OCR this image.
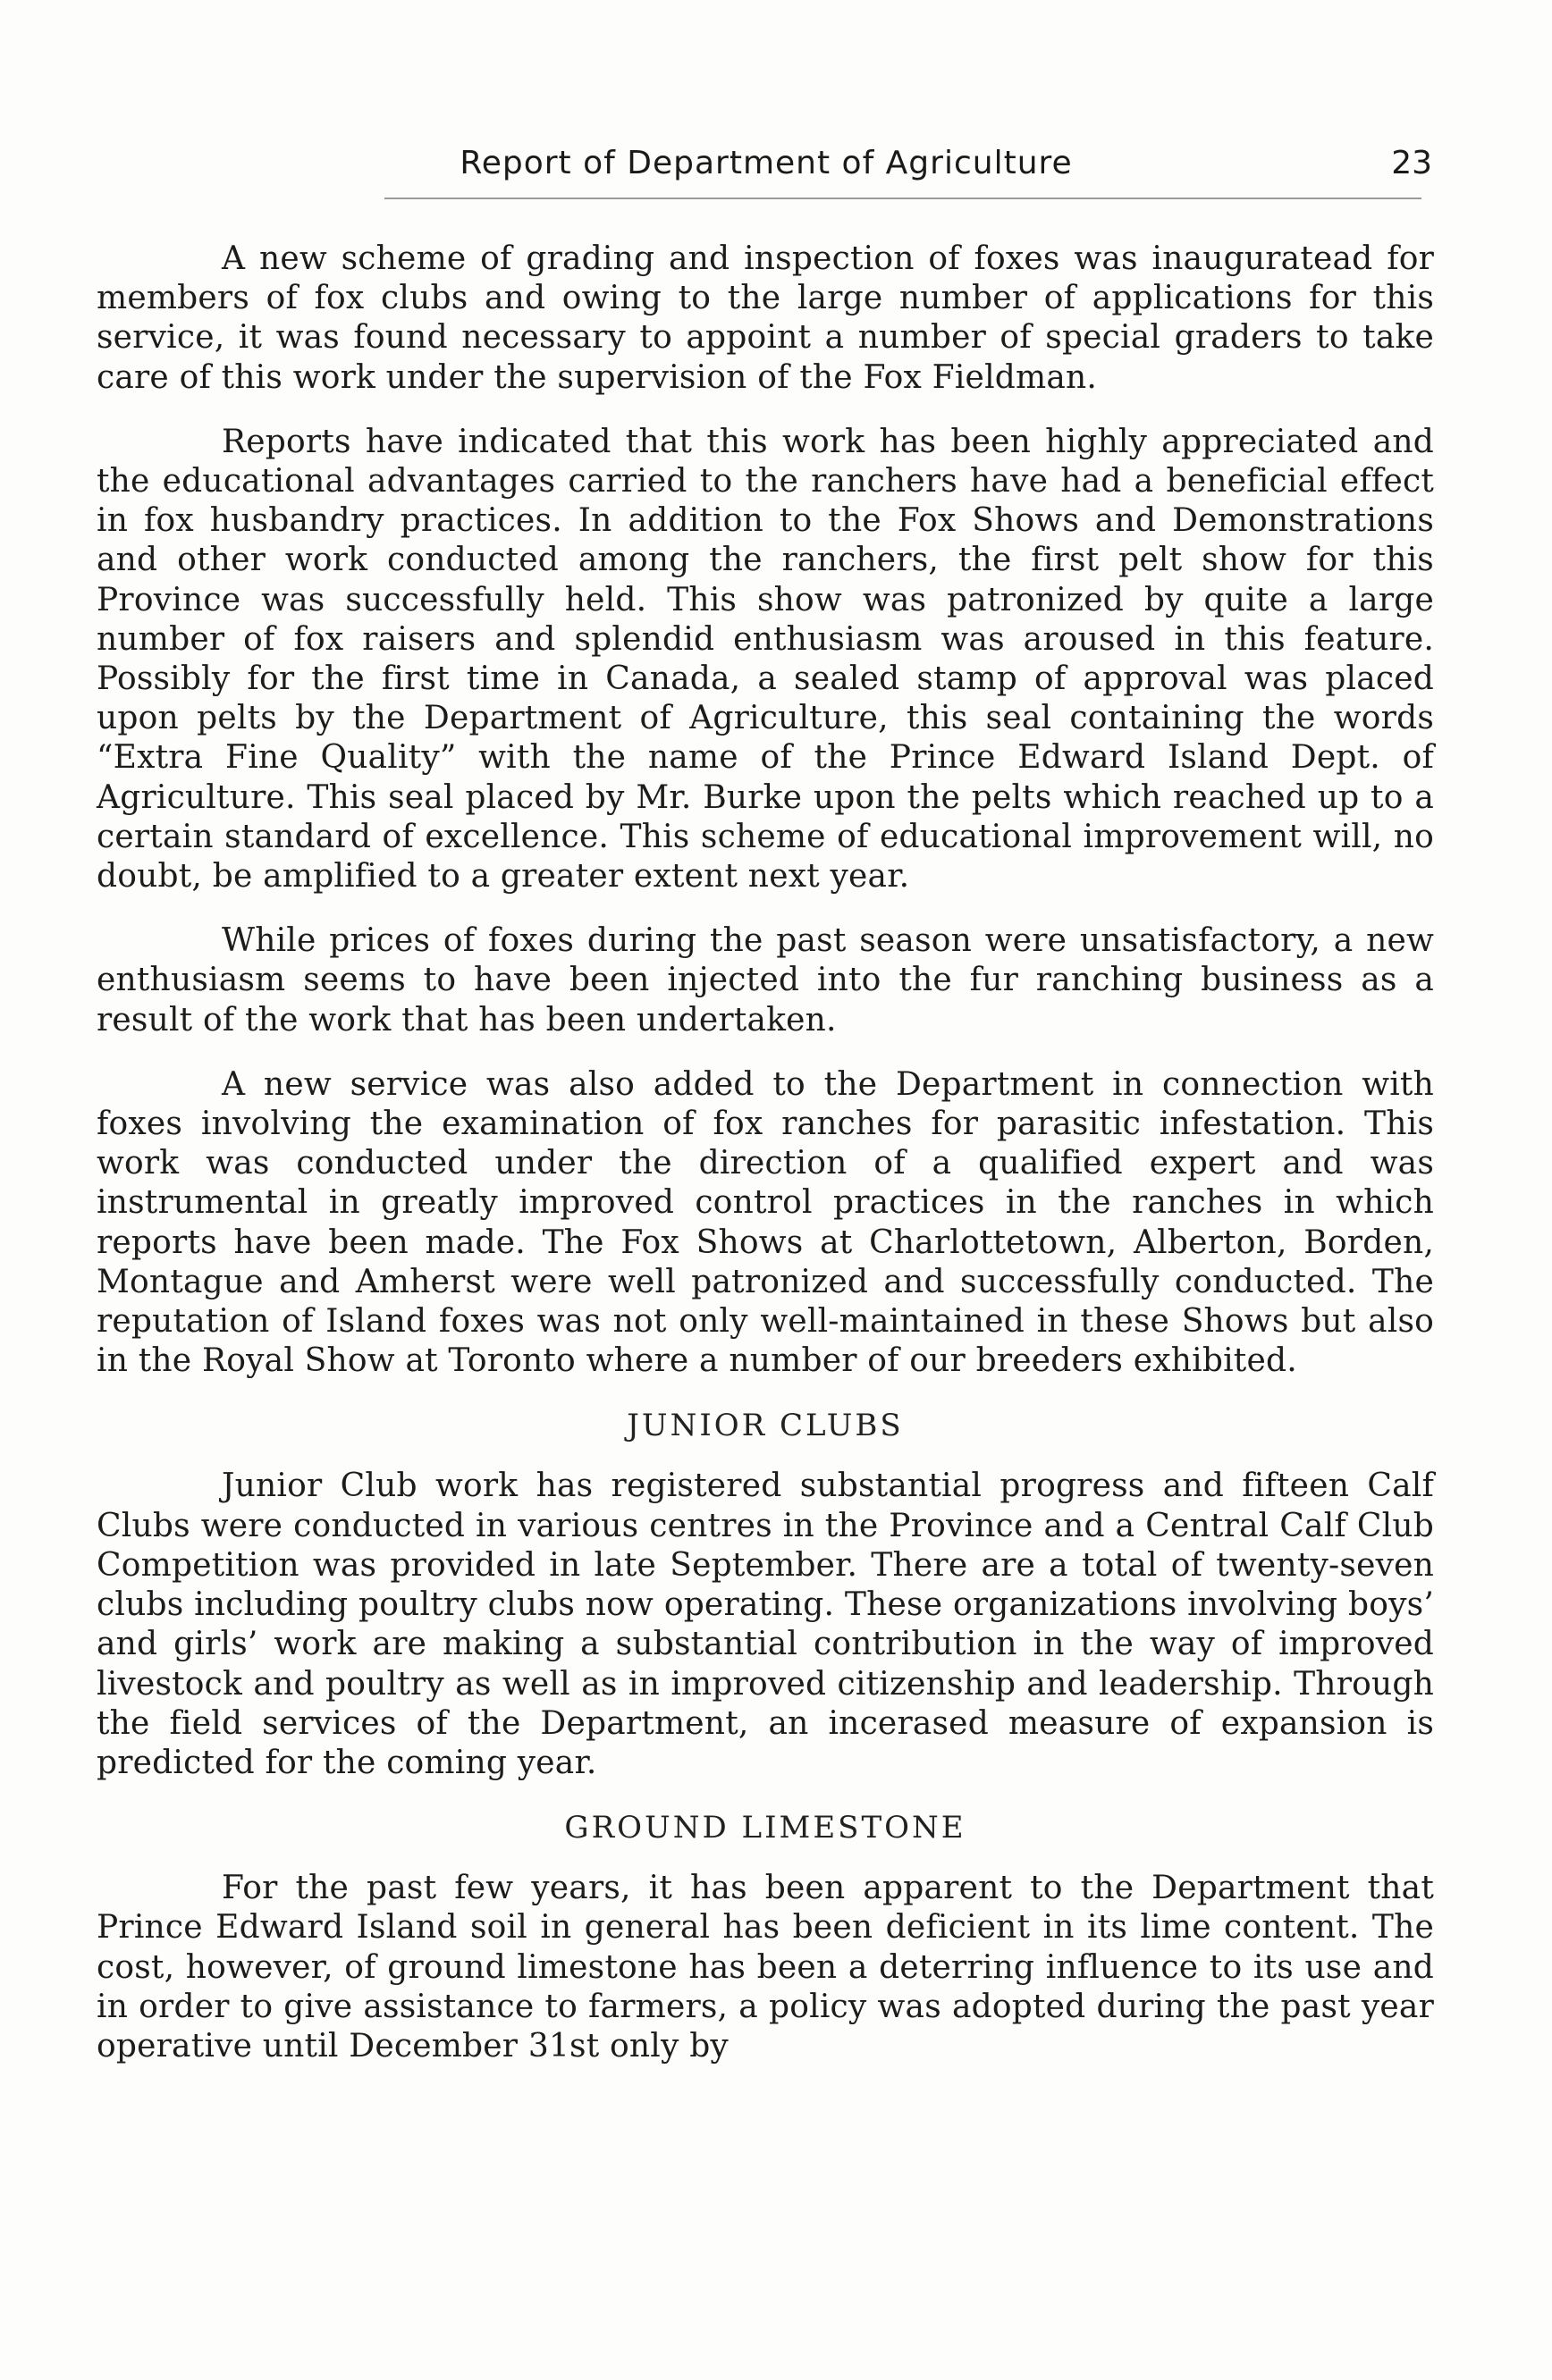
Report of Department of Agriculture	23

A new scheme of grading and inspection of foxes was inauguratead for members of fox clubs and owing to the large number of applications for this service, it was found necessary to appoint a number of special graders to take care of this work under the supervision of the Fox Fieldman.

Reports have indicated that this work has been highly appreciated and the educational advantages carried to the ranchers have had a beneficial effect in fox husbandry practices. In addition to the Fox Shows and Demonstrations and other work conducted among the ranchers, the first pelt show for this Province was successfully held. This show was patronized by quite a large number of fox raisers and splendid enthusiasm was aroused in this feature. Possibly for the first time in Canada, a sealed stamp of approval was placed upon pelts by the Department of Agriculture, this seal containing the words “Extra Fine Quality” with the name of the Prince Edward Island Dept. of Agriculture. This seal placed by Mr. Burke upon the pelts which reached up to a certain standard of excellence. This scheme of educational improvement will, no doubt, be amplified to a greater extent next year.

While prices of foxes during the past season were unsatisfactory, a new enthusiasm seems to have been injected into the fur ranching business as a result of the work that has been undertaken.

A new service was also added to the Department in connection with foxes involving the examination of fox ranches for parasitic infestation. This work was conducted under the direction of a qualified expert and was instrumental in greatly improved control practices in the ranches in which reports have been made. The Fox Shows at Charlottetown, Alberton, Borden, Montague and Amherst were well patronized and successfully conducted. The reputation of Island foxes was not only well-maintained in these Shows but also in the Royal Show at Toronto where a number of our breeders exhibited.

JUNIOR CLUBS

Junior Club work has registered substantial progress and fifteen Calf Clubs were conducted in various centres in the Province and a Central Calf Club Competition was provided in late September. There are a total of twenty-seven clubs including poultry clubs now operating. These organizations involving boys’ and girls’ work are making a substantial contribution in the way of improved livestock and poultry as well as in improved citizenship and leadership. Through the field services of the Department, an incerased measure of expansion is predicted for the coming year.

GROUND LIMESTONE

For the past few years, it has been apparent to the Department that Prince Edward Island soil in general has been deficient in its lime content. The cost, however, of ground limestone has been a deterring influence to its use and in order to give assistance to farmers, a policy was adopted during the past year operative until December 31st only by
